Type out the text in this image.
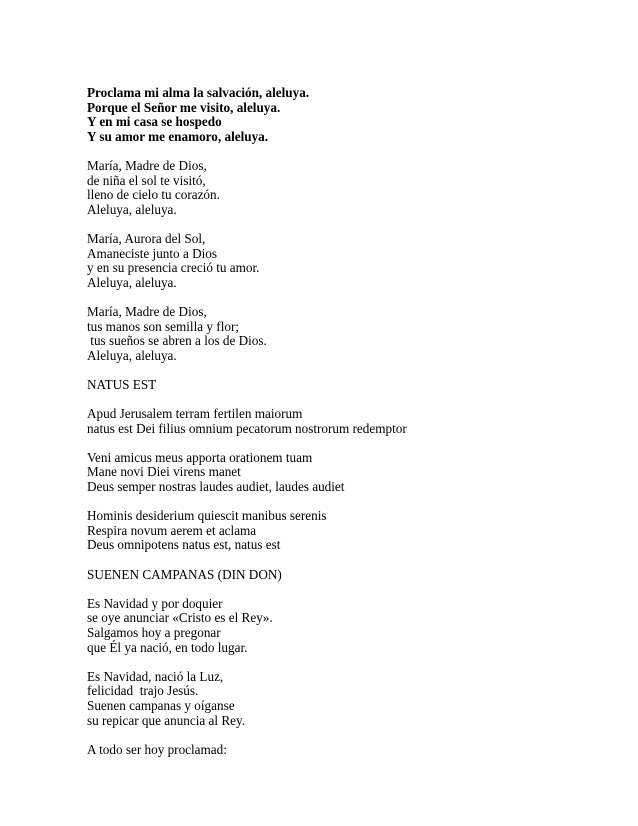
Proclama mi alma la salvación, aleluya.
Porque el Señor me visito, aleluya.
Y en mi casa se hospedo
Y su amor me enamoro, aleluya.
María, Madre de Dios,
de niña el sol te visitó,
lleno de cielo tu corazón.
Aleluya, aleluya.
María, Aurora del Sol,
Amaneciste junto a Dios
y en su presencia creció tu amor.
Aleluya, aleluya.
María, Madre de Dios,
tus manos son semilla y flor;
tus sueños se abren a los de Dios.
Aleluya, aleluya.
NATUS EST
Apud Jerusalem terram fertilen maiorum
natus est Dei filius omnium pecatorum nostrorum redemptor
Veni amicus meus apporta orationem tuam
Mane novi Diei virens manet
Deus semper nostras laudes audiet, laudes audiet
Hominis desiderium quiescit manibus serenis
Respira novum aerem et aclama
Deus omnipotens natus est, natus est
SUENEN CAMPANAS (DIN DON)
Es Navidad y por doquier
se oye anunciar «Cristo es el Rey».
Salgamos hoy a pregonar
que Él ya nació, en todo lugar.
Es Navidad, nació la Luz,
felicidad  trajo Jesús.
Suenen campanas y oíganse
su repicar que anuncia al Rey.
A todo ser hoy proclamad:
